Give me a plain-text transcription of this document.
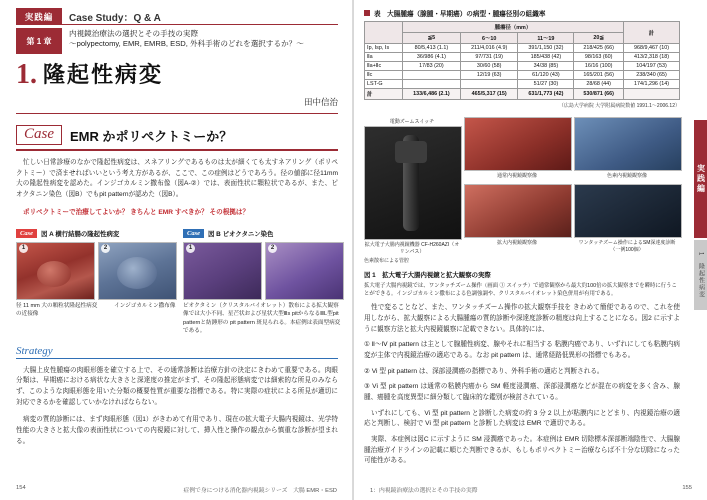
実践編	Case Study：Q & A
第 1 章
内視鏡治療法の選択とその手技の実際
～polypectomy, EMR, EMRB, ESD, 外科手術のどれを選択するか？～
1. 隆起性病変
田中信治
Case	EMR かポリペクトミーか？
忙しい日常診療のなかで隆起性病変は、スネアリングであるものは太が細くても太すネアリング（ポリペクトミー）で済ませればいいという考え方があるが、ここで、この症例はどうであろう。径の値部に径11mm大の隆起性病変を認めた。インジゴカルミン撒布像（図A-②）では、表面性状に顆粒状であるが、また、ピオクタニン染色（図B）でもpit patternが認めた（図B）。
ポリペクトミーで治療してよいか？ きちんと EMR すべきか？ その根拠は？
Case	図 A 横行結腸の隆起性病変
1	2
径 11 mm 大の顆粒状隆起性病変　　　インジゴカルミン撒布像の近接像
Case	図 B ピオクタニン染色
1	2
ピオクタミン（クリスタルバイオレット）散布による拡大観察像では大小不同、星芒状および星状大型Ⅲs pitからなるⅢL型pit patternと紡錘形の pit pattern 斑見られる。本症例は表面型病変である。
Strategy
大腸上皮性腫瘍の肉眼形態を確立する上で、その通常診断は治療方針の決定にきわめて重要である。肉眼分類は、早期癌における病状な大きさと深達度の推定がまず、その隆起形態病変では細索的な所見のみならず、このような肉眼形態を用いた分類の概要性質が重要な指標である。特に実際の症状による所見が適切に対応できるかを確認していかなければならない。
病変の質的診断には、まず肉眼形態（図1）がきわめて有用であり、現在の拡大電子大腸内視鏡は、光学特性能の大きさと拡大像の表面性状についての内視鏡に対して、挿入性と操作の観点から慎重な診断が望まれる。
154	症例で身につける消化器内視鏡シリーズ　大腸 EMR・ESD
表　大腸腫瘍（腺腫・早期癌）の病型・腫瘍径別の組織率
	腫瘍径（mm）				計
	≦5	6～10	11～19	20≦	
Ⅰp, Ⅰsp, Ⅰs	80/5,413 (1.1)	211/4,016 (4.9)	391/1,150 (32)	218/425 (66)	968/9,467 (10)
Ⅱa	36/986 (4.1)	97/731 (19)	185/438 (42)	98/163 (60)	413/2,318 (18)
Ⅱa+Ⅱc	17/83 (20)	30/60 (58)	34/38 (85)	16/16 (100)	104/197 (53)
Ⅱc		12/19 (63)	61/120 (43)	165/201 (56)	238/340 (65)
LST-G			51/27 (30)	28/68 (44)	174/1,296 (14)
計	133/6,486 (2.1)	465/5,317 (15)	631/1,773 (42)	530/871 (66)	
（広島大学病院 大学附属病院数値 1991.1～2006.12）
電動ズームスイッチ
拡大電子大腸内視鏡機器 CF-H260AZI（オリンパス）
通常内視鏡観察像	色素内視鏡観察像
拡大内視鏡観察像	ワンタッチズーム操作によるSM深達度診断（一例100個）
色素散布による管腔
図 1　拡大電子大腸内視鏡と拡大観察の実際
拡大電子大腸内視鏡では、ワンタッチズーム操作（画面 ① スイッチ）で通常観察から最大約100倍の拡大観察までを瞬時に行うことができる。インジゴカルミン撒布による色調強調や、クリスタルバイオレット染色併用が有用である。
性で変ることなど、また、ワンタッチズーム操作の拡大観察手技を きわめて簡便であるので、これを使用しながら、拡大観察による大腸腫瘍の質的診断や深達度診断の精度は向上することになる。図2 に示すように観察方法と拡大内視鏡観察に記載できない。具体的には、
① Ⅱ～Ⅳ pit pattern は主として腺腫性病変、腺やそれに相当する 粘膜内癌であり、いずれにしても粘膜内病変が主体で内視鏡治療の適応である。なお pit pattern は、通常経路低異形の指標でもある。
② Vi 型 pit pattern は、深部浸潤癌の指標であり、外科手術の適応と判断される。
③ Vi 型 pit pattern は通常の粘膜内癌から SM 軽度浸潤癌、深部浸潤癌などが混在の病変を多く含み、腺腫、癌腫を高度異型に細分類して臨床的な鑑別が検討されている。
いずれにしても、Vi 型 pit pattern と診断した病変の約 3 分 2 以上が粘膜内にとどまり、内視鏡治療の適応と判断し、検討で Vi 型 pit pattern と診断した病変は EMR で適切である。
実際、本症例は図C に示すように SM 浸潤癌であった。本症例は EMR 切除標本深部断端陰性で、大腸腺腫治療ガイドラインの記載に順じた判断できるが、もしもポリペクトミー治療ならば不十分な切除になった可能性がある。
実践編
1　隆起性病変
1：内視鏡治療法の選択とその手技の実際	155
